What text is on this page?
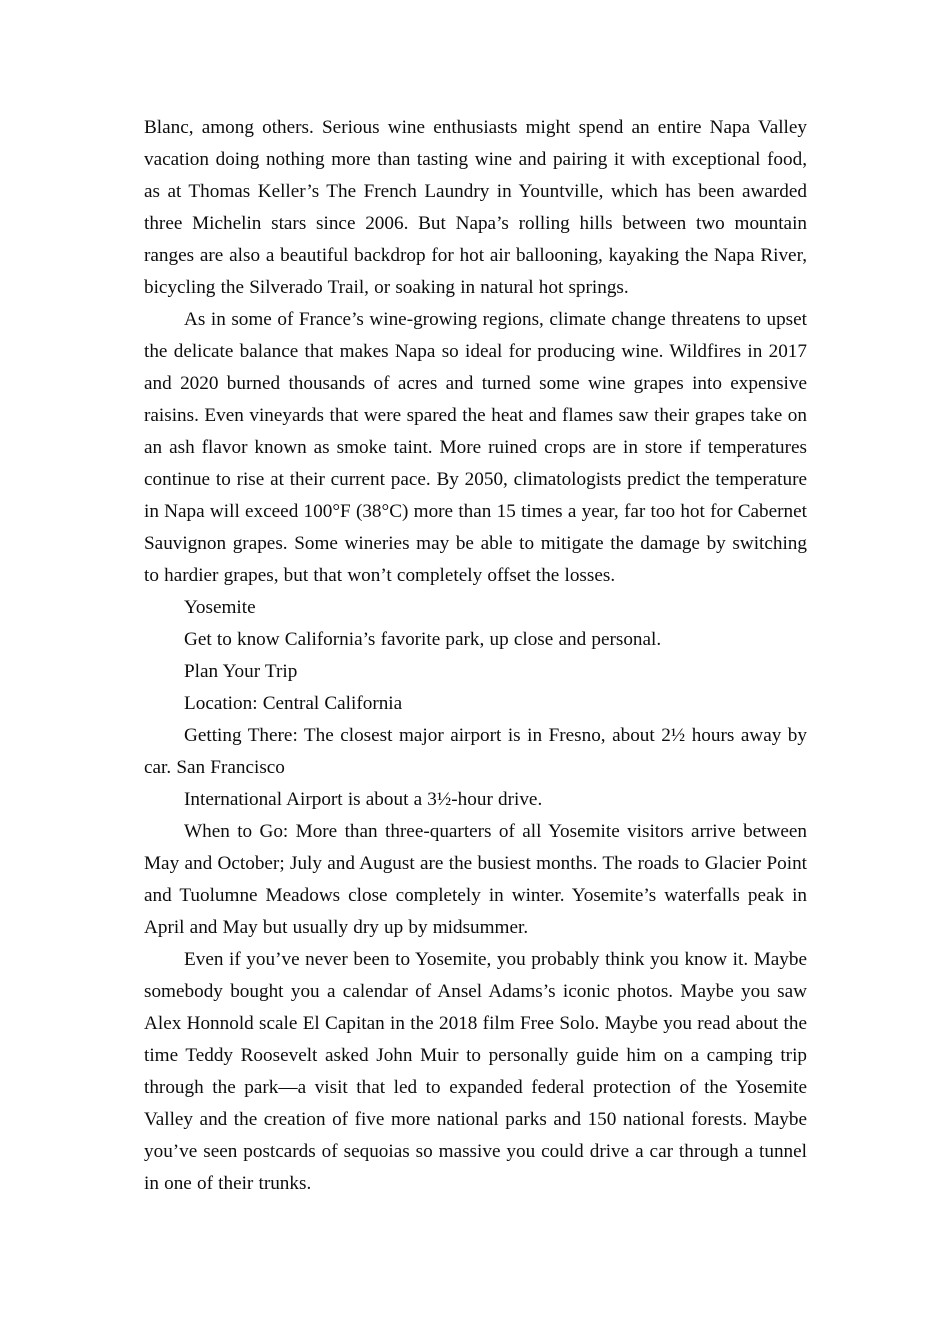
Blanc, among others. Serious wine enthusiasts might spend an entire Napa Valley vacation doing nothing more than tasting wine and pairing it with exceptional food, as at Thomas Keller’s The French Laundry in Yountville, which has been awarded three Michelin stars since 2006. But Napa’s rolling hills between two mountain ranges are also a beautiful backdrop for hot air ballooning, kayaking the Napa River, bicycling the Silverado Trail, or soaking in natural hot springs.

As in some of France’s wine-growing regions, climate change threatens to upset the delicate balance that makes Napa so ideal for producing wine. Wildfires in 2017 and 2020 burned thousands of acres and turned some wine grapes into expensive raisins. Even vineyards that were spared the heat and flames saw their grapes take on an ash flavor known as smoke taint. More ruined crops are in store if temperatures continue to rise at their current pace. By 2050, climatologists predict the temperature in Napa will exceed 100°F (38°C) more than 15 times a year, far too hot for Cabernet Sauvignon grapes. Some wineries may be able to mitigate the damage by switching to hardier grapes, but that won’t completely offset the losses.

Yosemite

Get to know California’s favorite park, up close and personal.

Plan Your Trip

Location: Central California

Getting There: The closest major airport is in Fresno, about 2½ hours away by car. San Francisco

International Airport is about a 3½-hour drive.

When to Go: More than three-quarters of all Yosemite visitors arrive between May and October; July and August are the busiest months. The roads to Glacier Point and Tuolumne Meadows close completely in winter. Yosemite’s waterfalls peak in April and May but usually dry up by midsummer.

Even if you’ve never been to Yosemite, you probably think you know it. Maybe somebody bought you a calendar of Ansel Adams’s iconic photos. Maybe you saw Alex Honnold scale El Capitan in the 2018 film Free Solo. Maybe you read about the time Teddy Roosevelt asked John Muir to personally guide him on a camping trip through the park—a visit that led to expanded federal protection of the Yosemite Valley and the creation of five more national parks and 150 national forests. Maybe you’ve seen postcards of sequoias so massive you could drive a car through a tunnel in one of their trunks.
